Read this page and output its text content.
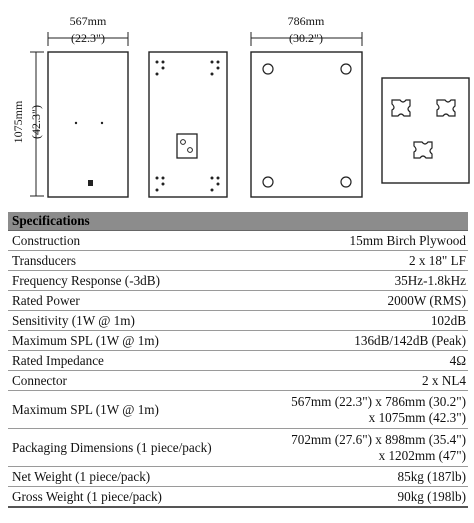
567mm
(22.3")
1075mm (42.3")
786mm
(30.2")
Specifications	
Construction	15mm Birch Plywood

Transducers	2 x 18" LF

Frequency Response (-3dB)	35Hz-1.8kHz

Rated Power	2000W (RMS)

Sensitivity (1W @ 1m)	102dB

Maximum SPL (1W @ 1m)	136dB/142dB (Peak)

Rated Impedance	4Ω

Connector	2 x NL4

Maximum SPL (1W @ 1m)	567mm (22.3") x 786mm (30.2")
x 1075mm (42.3")

Packaging Dimensions (1 piece/pack)	702mm (27.6") x 898mm (35.4")
x 1202mm (47")

Net Weight (1 piece/pack)	85kg (187lb)

Gross Weight (1 piece/pack)	90kg (198lb)
